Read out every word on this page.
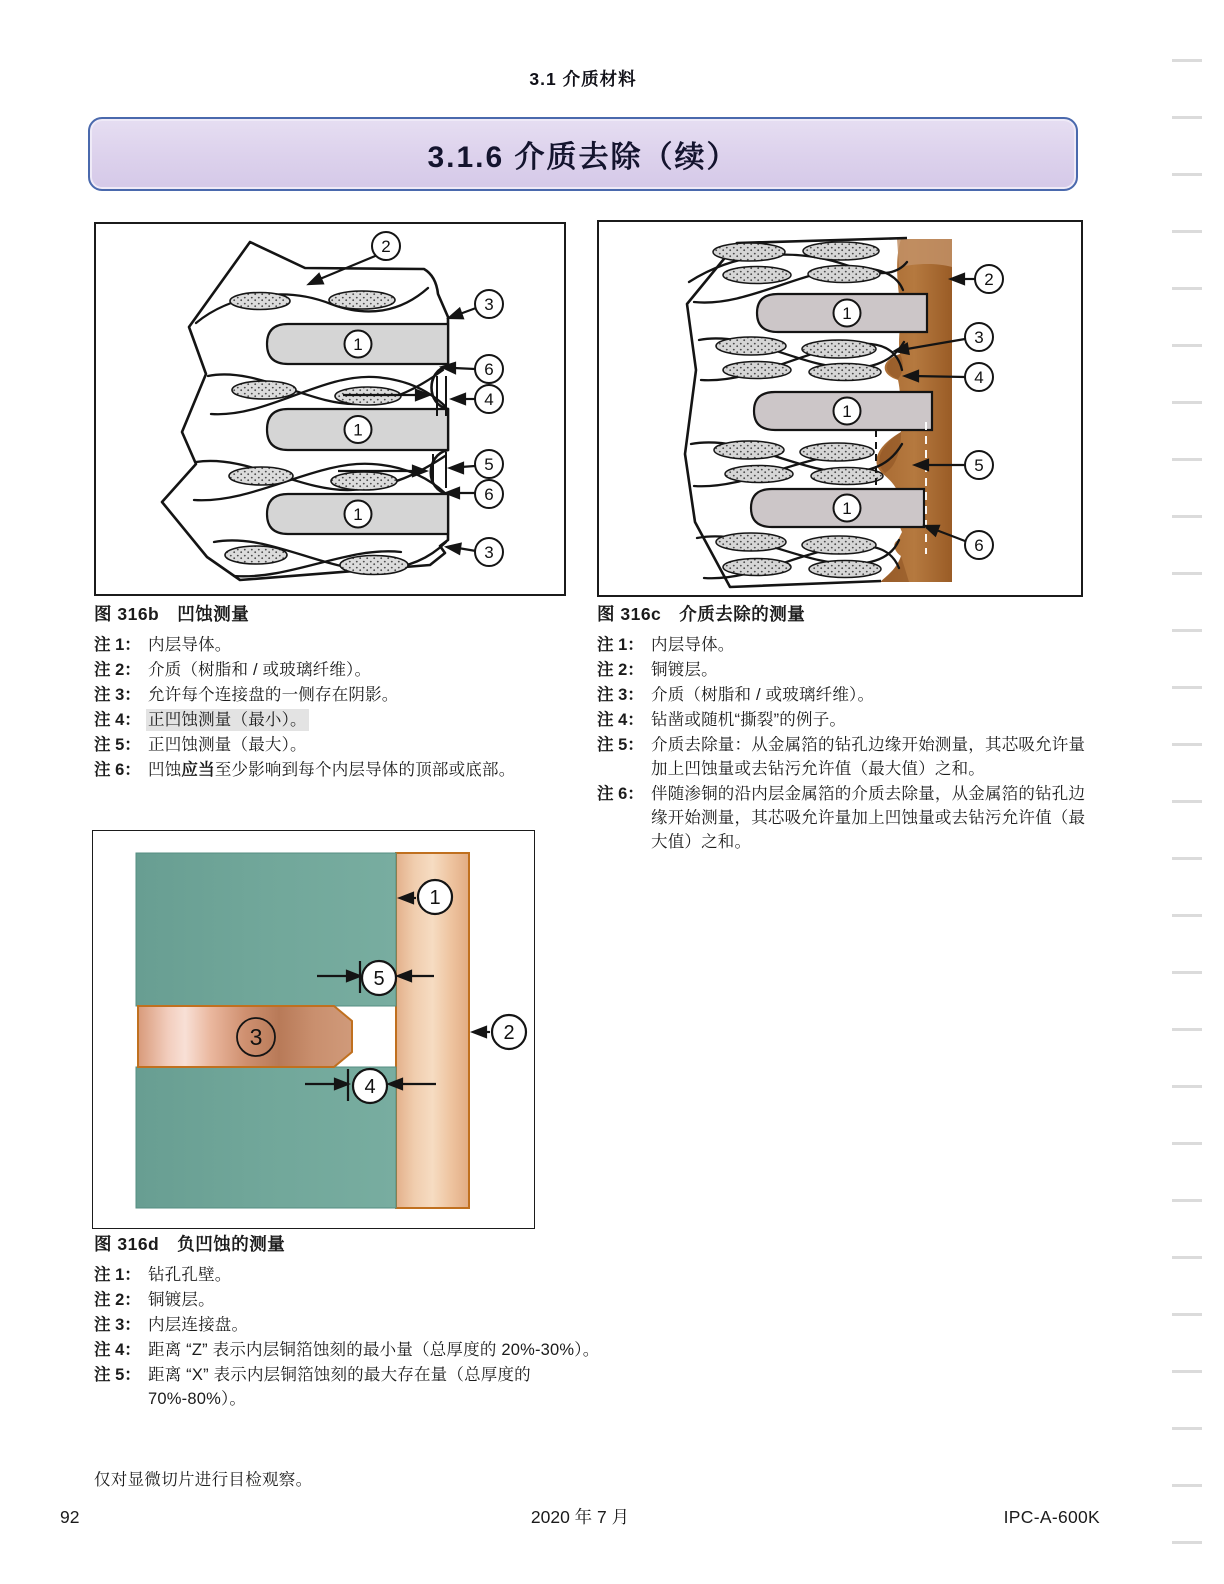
3.1 介质材料
3.1.6 介质去除（续）
2
3
6
4
5
6
3
1
1
1
2
3
4
5
6
1
1
1
图 316b　凹蚀测量
注 1： 内层导体。
注 2： 介质（树脂和 / 或玻璃纤维）。
注 3： 允许每个连接盘的一侧存在阴影。
注 4： 正凹蚀测量（最小）。
注 5： 正凹蚀测量（最大）。
注 6： 凹蚀应当至少影响到每个内层导体的顶部或底部。
图 316c　介质去除的测量
注 1： 内层导体。
注 2： 铜镀层。
注 3： 介质（树脂和 / 或玻璃纤维）。
注 4： 钻凿或随机“撕裂”的例子。
注 5： 介质去除量：从金属箔的钻孔边缘开始测量，其芯吸允许量加上凹蚀量或去钻污允许值（最大值）之和。
注 6： 伴随渗铜的沿内层金属箔的介质去除量，从金属箔的钻孔边缘开始测量，其芯吸允许量加上凹蚀量或去钻污允许值（最大值）之和。
1
2
5
4
3
图 316d　负凹蚀的测量
注 1： 钻孔孔壁。
注 2： 铜镀层。
注 3： 内层连接盘。
注 4： 距离 “Z” 表示内层铜箔蚀刻的最小量（总厚度的 20%-30%）。
注 5： 距离 “X” 表示内层铜箔蚀刻的最大存在量（总厚度的 70%-80%）。
仅对显微切片进行目检观察。
92	2020 年 7 月	IPC-A-600K
